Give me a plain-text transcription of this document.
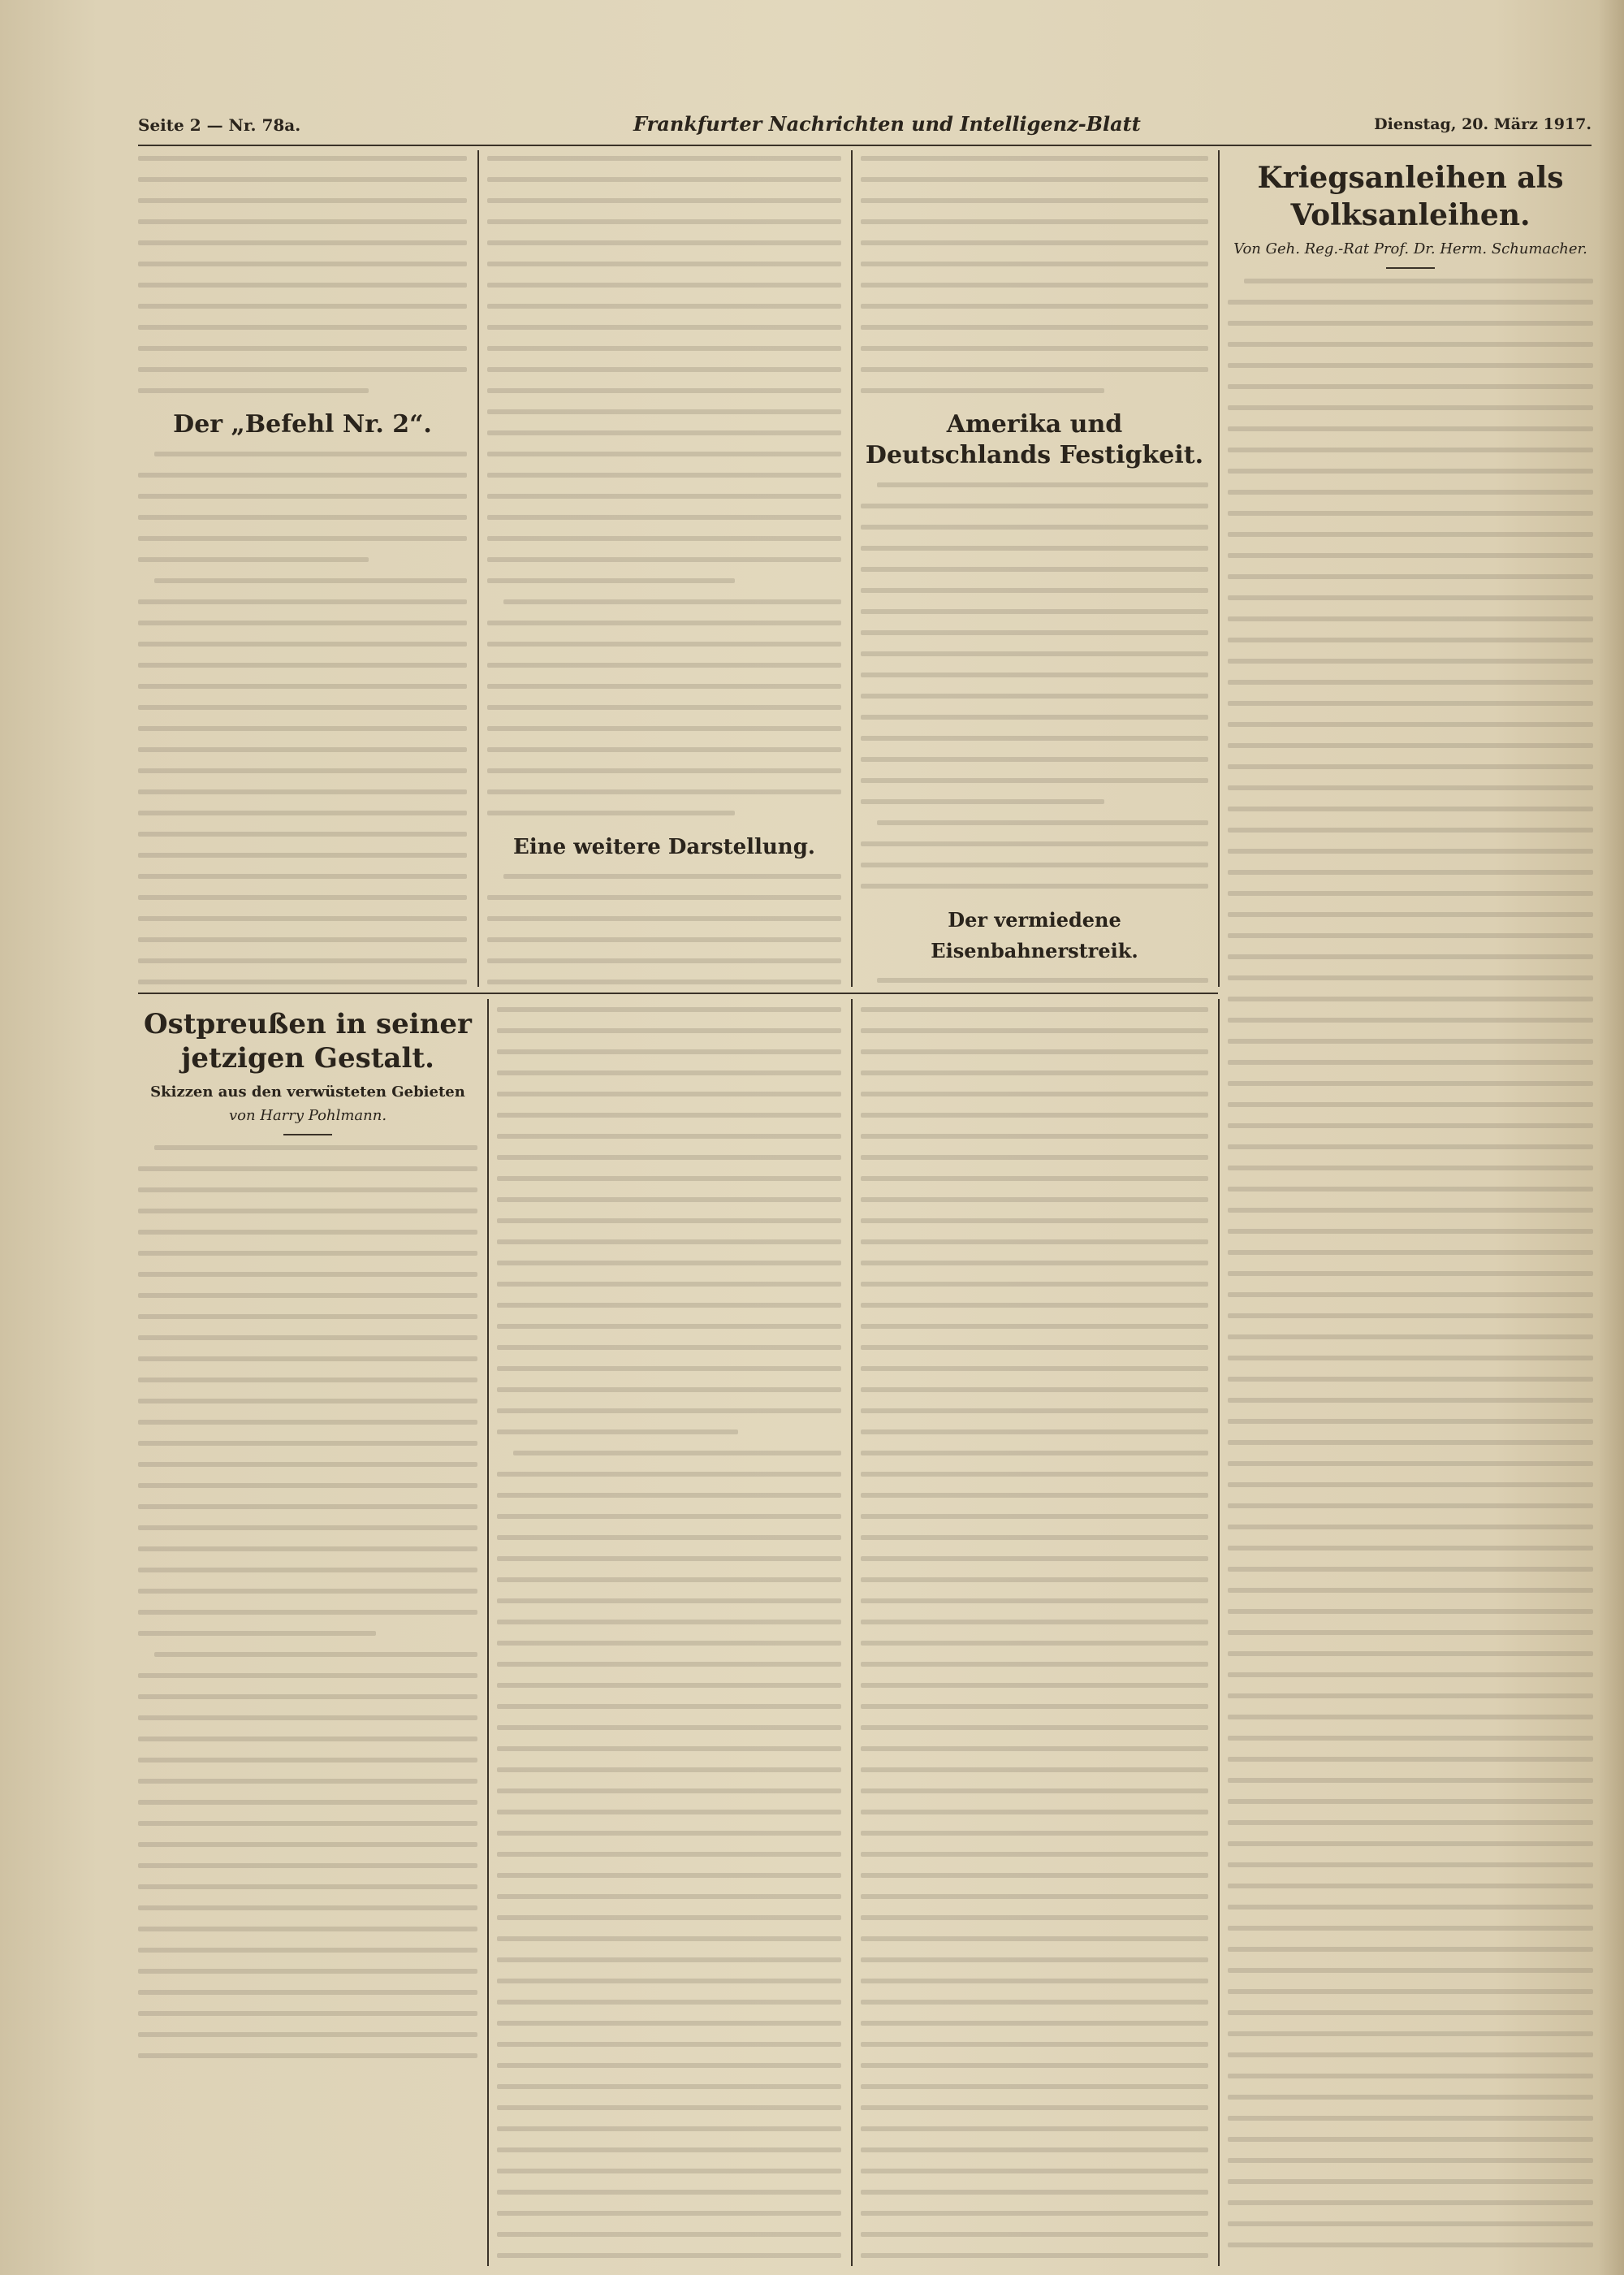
Seite 2 — Nr. 78a.	Frankfurter Nachrichten und Intelligenz-Blatt	Dienstag, 20. März 1917.
Der „Befehl Nr. 2“.
Eine weitere Darstellung.
Amerika und Deutschlands Festigkeit.
Der vermiedene Eisenbahnerstreik.
Kriegsanleihen als Volksanleihen.
Von Geh. Reg.-Rat Prof. Dr. Herm. Schumacher.
Ostpreußen in seiner jetzigen Gestalt.
Skizzen aus den verwüsteten Gebieten
von Harry Pohlmann.
